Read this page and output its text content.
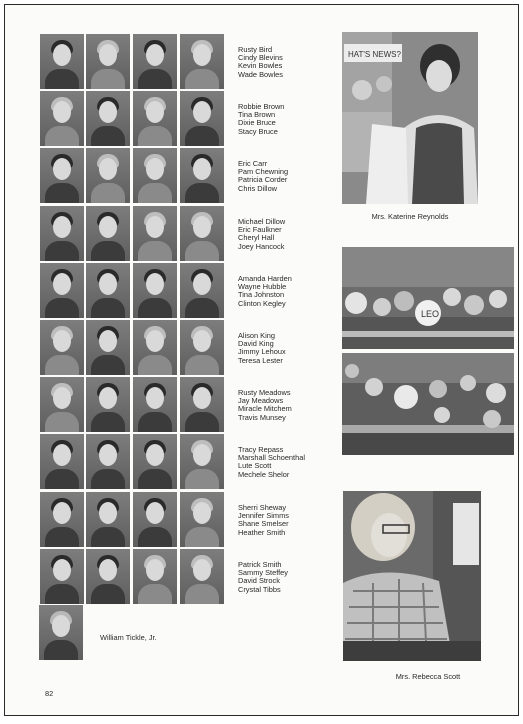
Rusty Bird
Cindy Blevins
Kevin Bowles
Wade Bowles
Robbie Brown
Tina Brown
Dixie Bruce
Stacy Bruce
Eric Carr
Pam Chewning
Patricia Corder
Chris Dillow
Michael Dillow
Eric Faulkner
Cheryl Hall
Joey Hancock
Amanda Harden
Wayne Hubble
Tina Johnston
Clinton Kegley
Alison King
David King
Jimmy Lehoux
Teresa Lester
Rusty Meadows
Jay Meadows
Miracle Mitchem
Travis Munsey
Tracy Repass
Marshall Schoenthal
Lute Scott
Mechele Shelor
Sherri Sheway
Jennifer Simms
Shane Smelser
Heather Smith
Patrick Smith
Sammy Steffey
David Strock
Crystal Tibbs
William Tickle, Jr.
HAT'S NEWS?
Mrs. Katerine Reynolds
LEO
Mrs. Rebecca Scott
82
